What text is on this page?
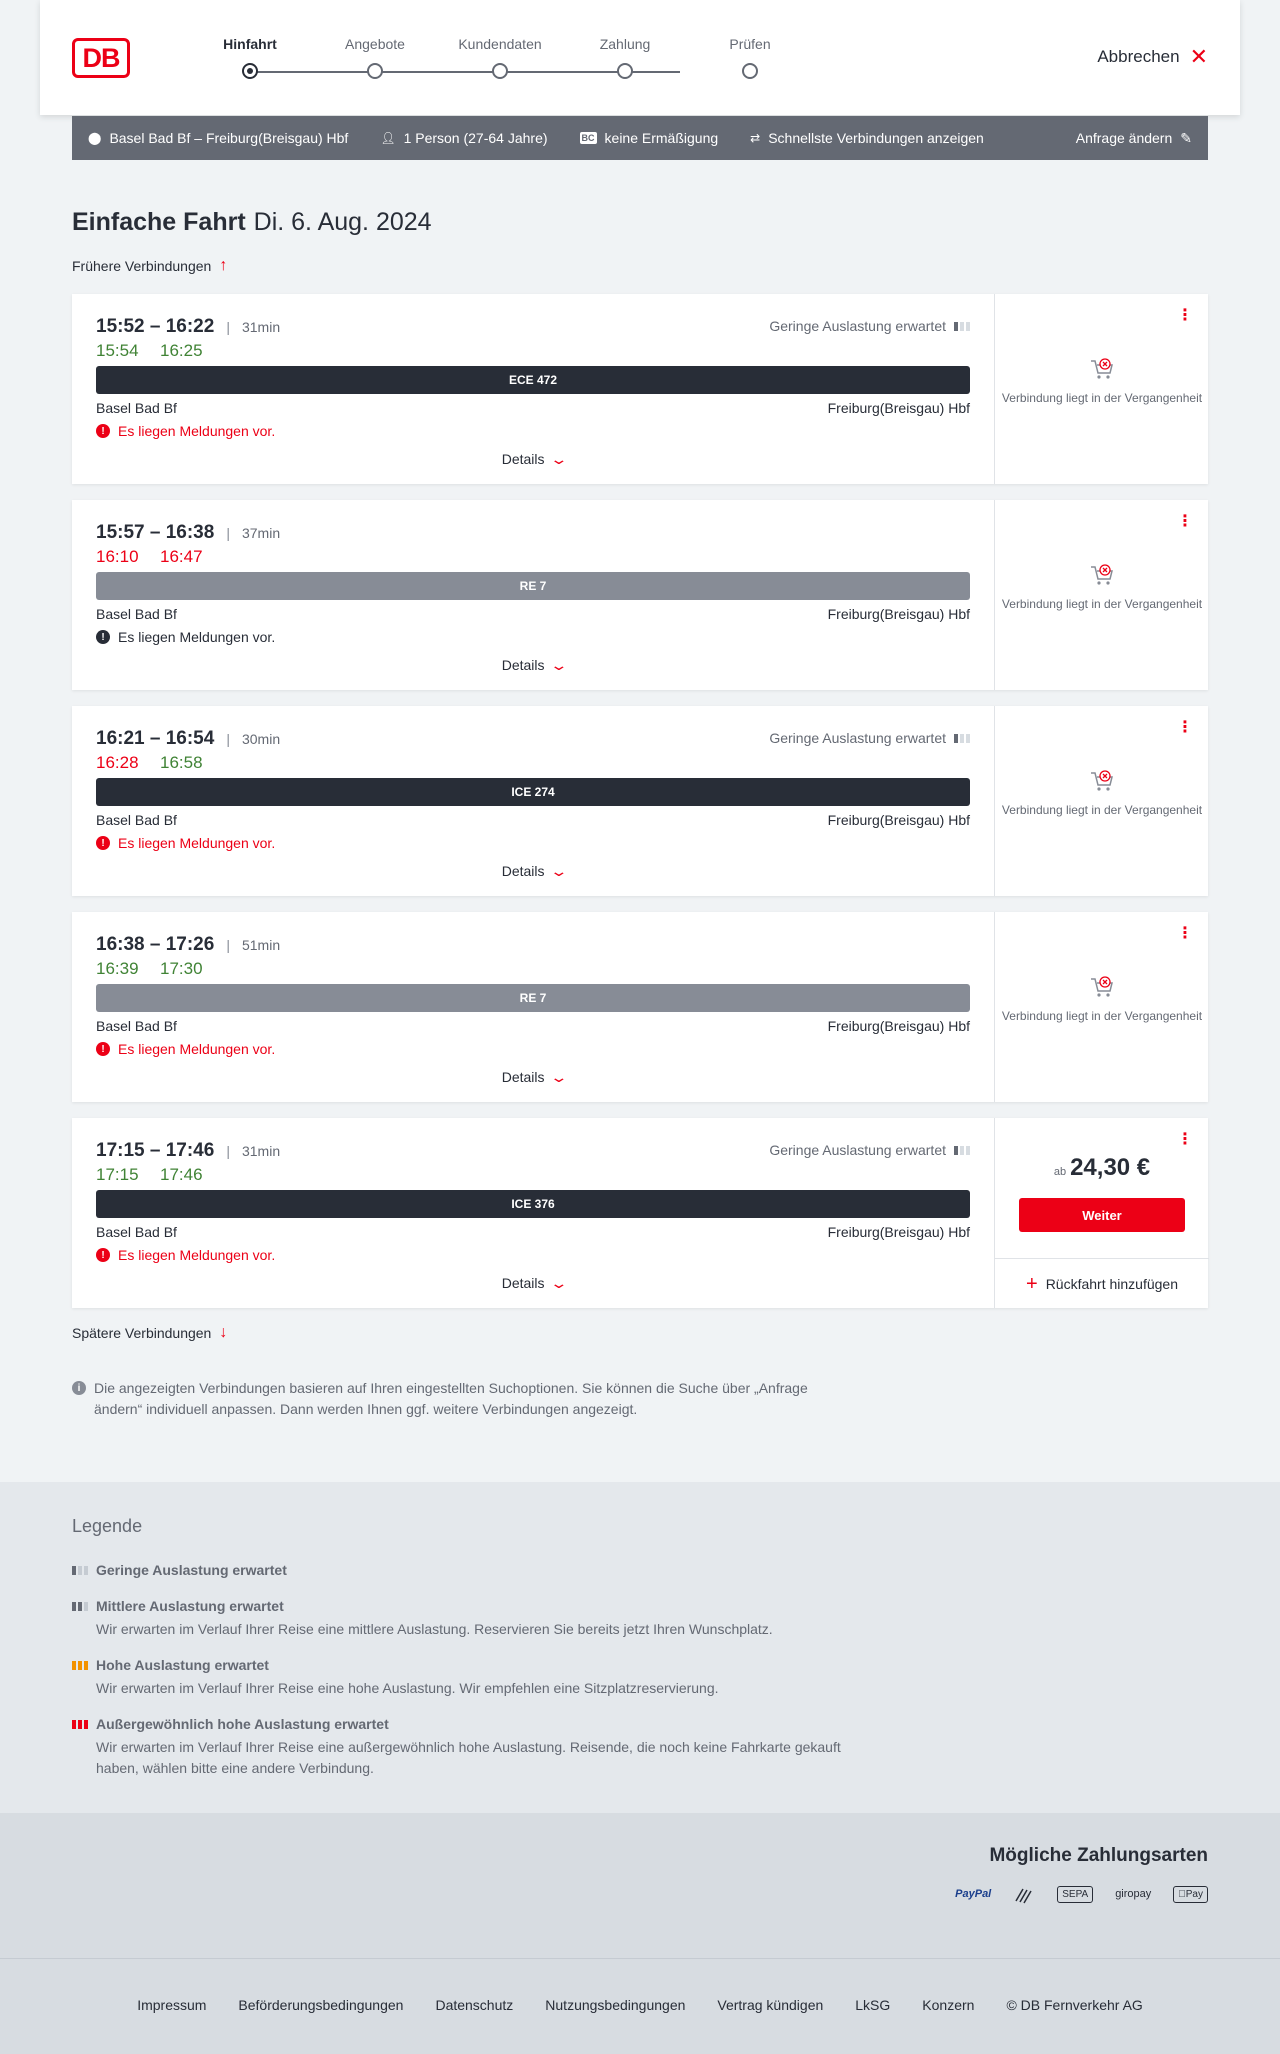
DB	Hinfahrt	Angebote	Kundendaten	Zahlung	Prüfen
Abbrechen ✕
⬤ Basel Bad Bf – Freiburg(Breisgau) Hbf	👤︎ 1 Person (27-64 Jahre)	BC keine Ermäßigung	⇄ Schnellste Verbindungen anzeigen	Anfrage ändern ✎
Einfache Fahrt Di. 6. Aug. 2024
Frühere Verbindungen ↑
15:52 – 16:22 | 31min
15:54 16:25
Geringe Auslastung erwartet
ECE 472
Basel Bad Bf	Freiburg(Breisgau) Hbf
! Es liegen Meldungen vor.
Details ⌄
⋮
Verbindung liegt in der Vergangenheit
15:57 – 16:38 | 37min
16:10 16:47
RE 7
Basel Bad Bf	Freiburg(Breisgau) Hbf
! Es liegen Meldungen vor.
Details ⌄
⋮
Verbindung liegt in der Vergangenheit
16:21 – 16:54 | 30min
16:28 16:58
Geringe Auslastung erwartet
ICE 274
Basel Bad Bf	Freiburg(Breisgau) Hbf
! Es liegen Meldungen vor.
Details ⌄
⋮
Verbindung liegt in der Vergangenheit
16:38 – 17:26 | 51min
16:39 17:30
RE 7
Basel Bad Bf	Freiburg(Breisgau) Hbf
! Es liegen Meldungen vor.
Details ⌄
⋮
Verbindung liegt in der Vergangenheit
17:15 – 17:46 | 31min
17:15 17:46
Geringe Auslastung erwartet
ICE 376
Basel Bad Bf	Freiburg(Breisgau) Hbf
! Es liegen Meldungen vor.
Details ⌄
⋮
ab 24,30 €
Weiter
+ Rückfahrt hinzufügen
Spätere Verbindungen ↓
i Die angezeigten Verbindungen basieren auf Ihren eingestellten Suchoptionen. Sie können die Suche über „Anfrage ändern“ individuell anpassen. Dann werden Ihnen ggf. weitere Verbindungen angezeigt.
Legende
Geringe Auslastung erwartet
Mittlere Auslastung erwartet
Wir erwarten im Verlauf Ihrer Reise eine mittlere Auslastung. Reservieren Sie bereits jetzt Ihren Wunschplatz.
Hohe Auslastung erwartet
Wir erwarten im Verlauf Ihrer Reise eine hohe Auslastung. Wir empfehlen eine Sitzplatzreservierung.
Außergewöhnlich hohe Auslastung erwartet
Wir erwarten im Verlauf Ihrer Reise eine außergewöhnlich hohe Auslastung. Reisende, die noch keine Fahrkarte gekauft haben, wählen bitte eine andere Verbindung.
Mögliche Zahlungsarten
PayPal	SEPA	giropay	Pay
Impressum Beförderungsbedingungen Datenschutz Nutzungsbedingungen Vertrag kündigen LkSG Konzern © DB Fernverkehr AG
